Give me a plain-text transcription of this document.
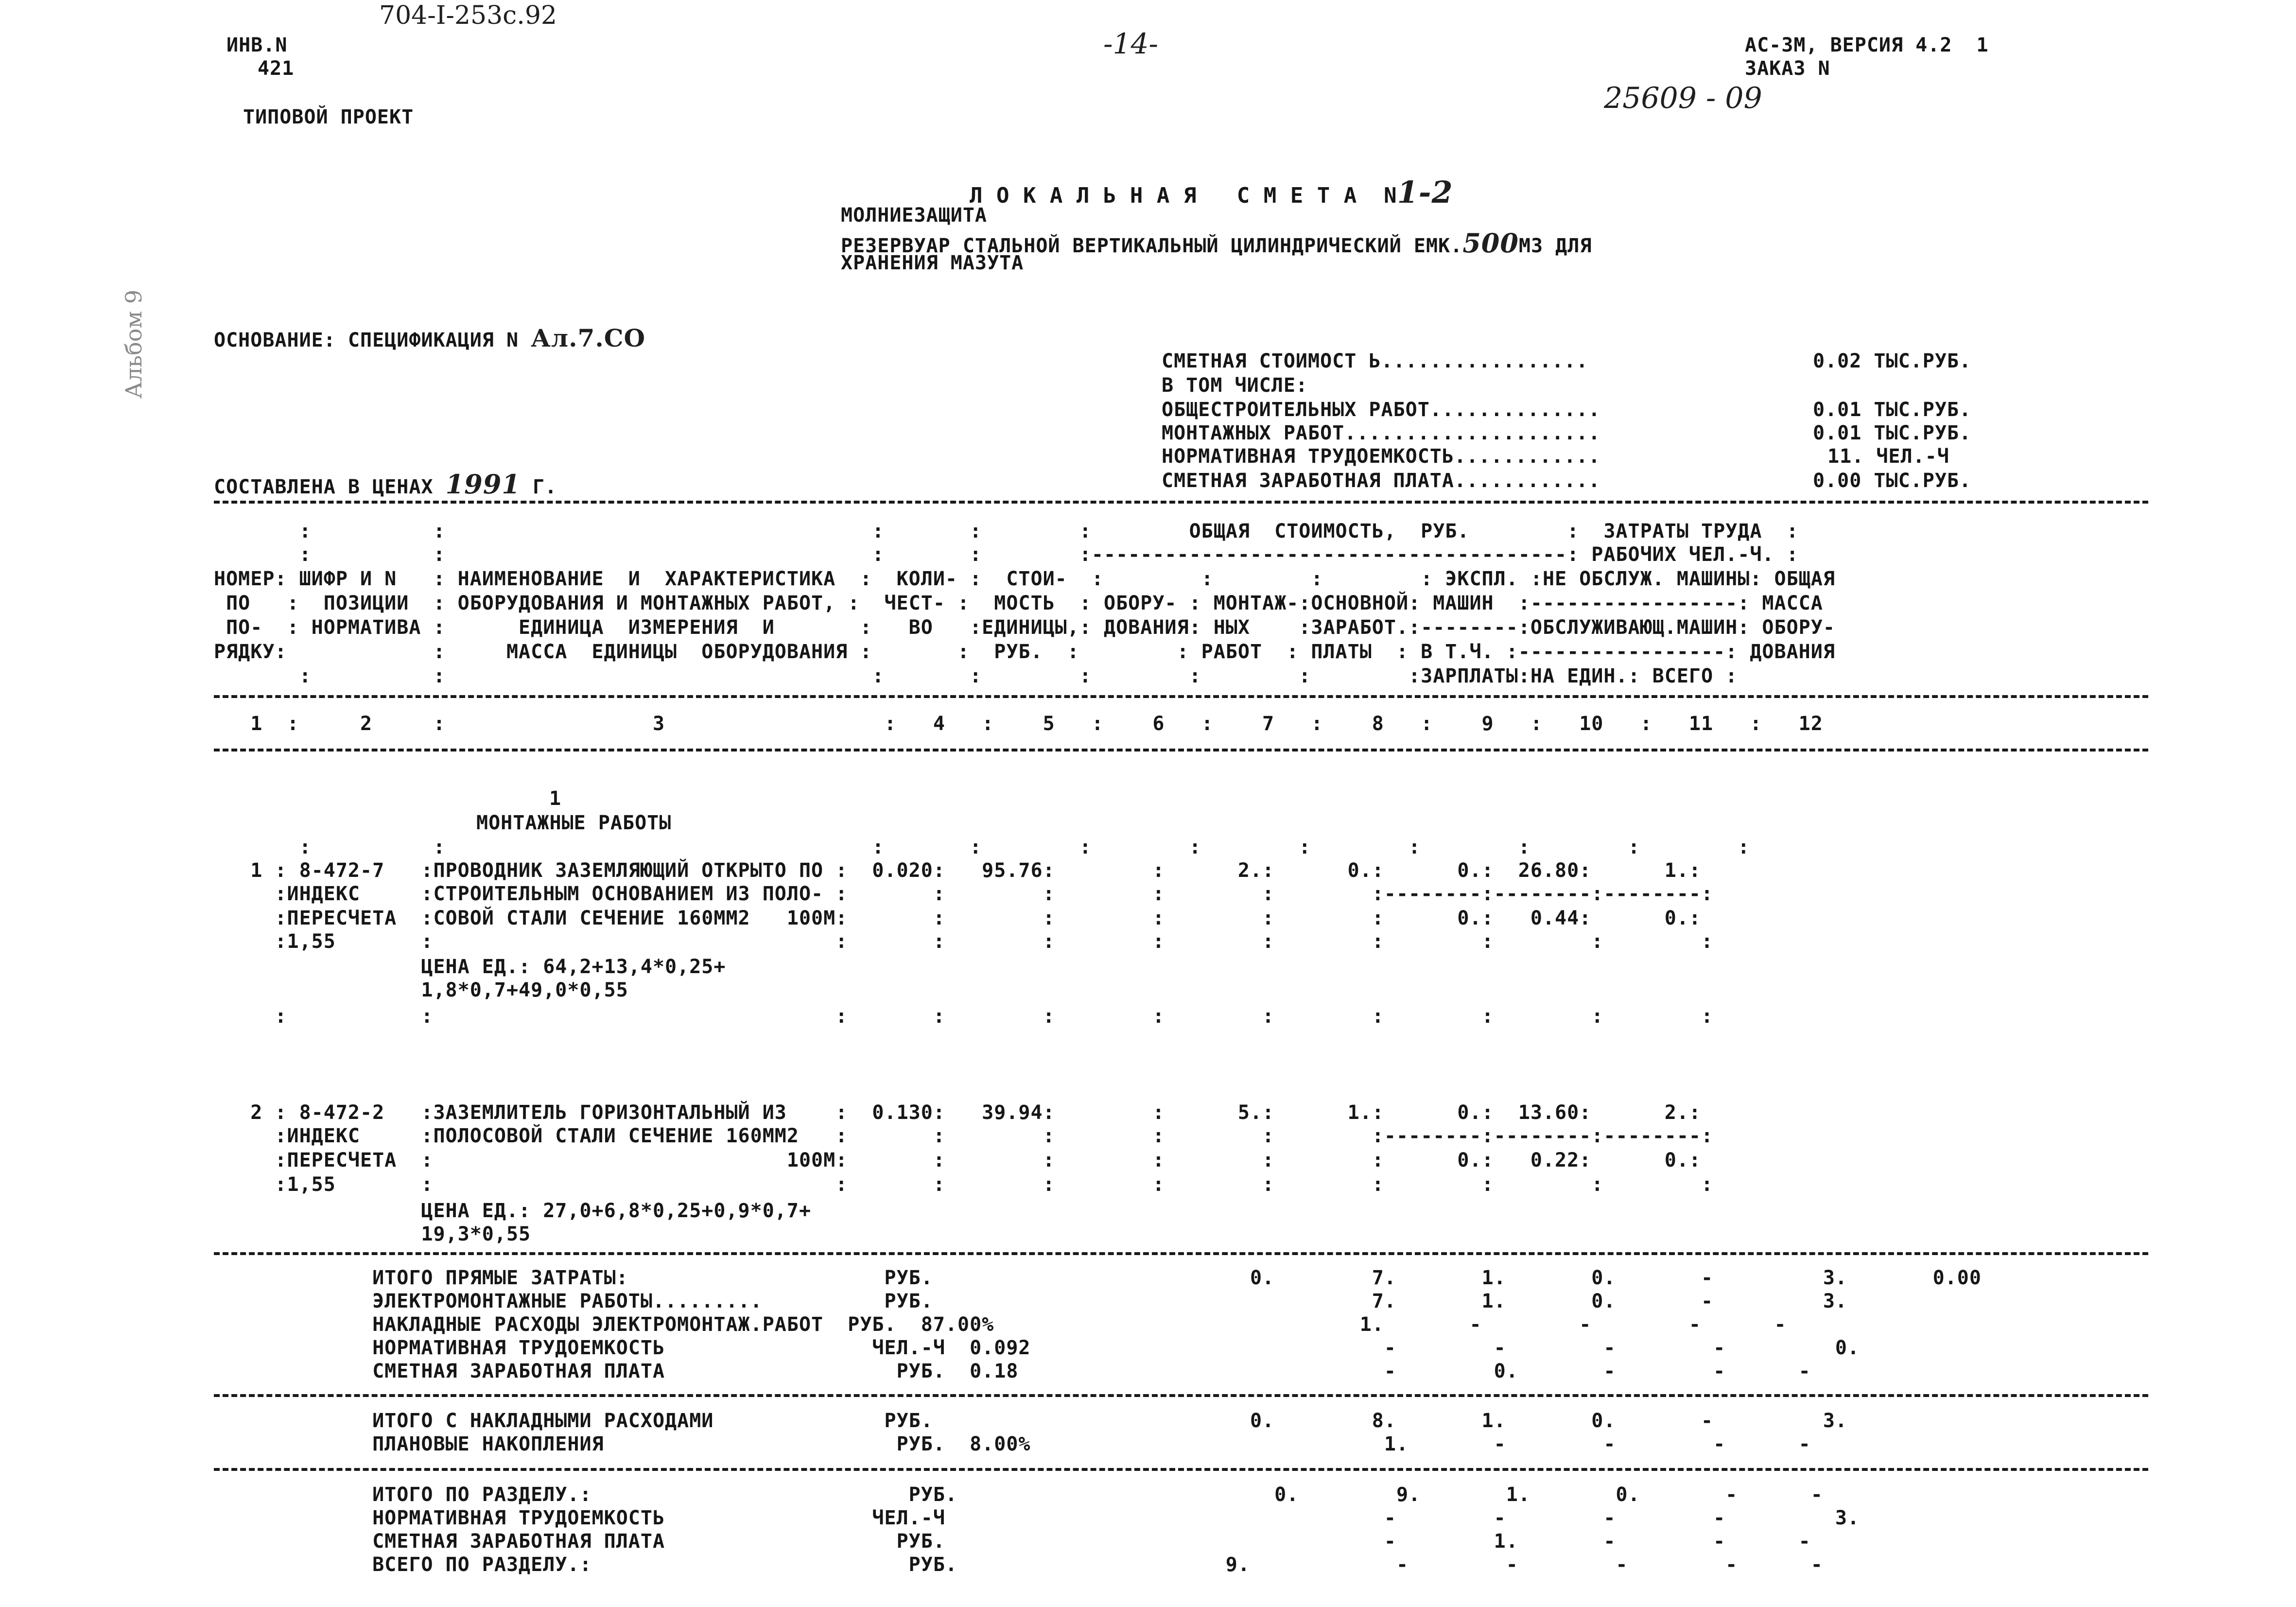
704-I-253c.92
ИНВ.N
421
ТИПОВОЙ ПРОЕКТ
-14-	АС-3М, ВЕРСИЯ 4.2  1
ЗАКАЗ N
25609 - 09
Альбом 9

Л О К А Л Ь Н А Я   С М Е Т А  N1-2

МОЛНИЕЗАЩИТА
РЕЗЕРВУАР СТАЛЬНОЙ ВЕРТИКАЛЬНЫЙ ЦИЛИНДРИЧЕСКИЙ ЕМК.500М3 ДЛЯ
ХРАНЕНИЯ МАЗУТА
ОСНОВАНИЕ: СПЕЦИФИКАЦИЯ N Ал.7.СО
СОСТАВЛЕНА В ЦЕНАХ 1991 Г.
СМЕТНАЯ СТОИМОСТ Ь.................	0.02 ТЫС.РУБ.
В ТОМ ЧИСЛЕ:
ОБЩЕСТРОИТЕЛЬНЫХ РАБОТ..............	0.01 ТЫС.РУБ.
МОНТАЖНЫХ РАБОТ.....................	0.01 ТЫС.РУБ.
НОРМАТИВНАЯ ТРУДОЕМКОСТЬ............	11. ЧЕЛ.-Ч
СМЕТНАЯ ЗАРАБОТНАЯ ПЛАТА............	0.00 ТЫС.РУБ.
:          :                                   :       :        :        ОБЩАЯ  СТОИМОСТЬ,  РУБ.        :  ЗАТРАТЫ ТРУДА  :
:          :                                   :       :        :---------------------------------------: РАБОЧИХ ЧЕЛ.-Ч. :
НОМЕР: ШИФР И N   : НАИМЕНОВАНИЕ  И  ХАРАКТЕРИСТИКА  :  КОЛИ- :  СТОИ-  :        :        :        : ЭКСПЛ. :НЕ ОБСЛУЖ. МАШИНЫ: ОБЩАЯ
ПО   :  ПОЗИЦИИ  : ОБОРУДОВАНИЯ И МОНТАЖНЫХ РАБОТ, :  ЧЕСТ- :  МОСТЬ  : ОБОРУ- : МОНТАЖ-:ОСНОВНОЙ: МАШИН  :-----------------: МАССА
ПО-  : НОРМАТИВА :      ЕДИНИЦА  ИЗМЕРЕНИЯ  И       :   ВО   :ЕДИНИЦЫ,: ДОВАНИЯ: НЫХ    :ЗАРАБОТ.:--------:ОБСЛУЖИВАЮЩ.МАШИН: ОБОРУ-
РЯДКУ:            :     МАССА  ЕДИНИЦЫ  ОБОРУДОВАНИЯ :       :  РУБ.  :        : РАБОТ  : ПЛАТЫ  : В Т.Ч. :-----------------: ДОВАНИЯ
:          :                                   :       :        :        :        :        :ЗАРПЛАТЫ:НА ЕДИН.: ВСЕГО :
1  :     2     :                 3                  :   4   :    5   :    6   :    7   :    8   :    9   :   10   :   11   :   12
1
МОНТАЖНЫЕ РАБОТЫ
:          :                                   :       :        :        :        :        :        :        :        :
1 : 8-472-7   :ПРОВОДНИК ЗАЗЕМЛЯЮЩИЙ ОТКРЫТО ПО :  0.020:   95.76:        :      2.:      0.:      0.:  26.80:      1.:
:ИНДЕКС     :СТРОИТЕЛЬНЫМ ОСНОВАНИЕМ ИЗ ПОЛО- :       :        :        :        :        :--------:--------:--------:
:ПЕРЕСЧЕТА  :СОВОЙ СТАЛИ СЕЧЕНИЕ 160ММ2   100М:       :        :        :        :        :      0.:   0.44:      0.:
:1,55       :                                 :       :        :        :        :        :        :        :        :
ЦЕНА ЕД.: 64,2+13,4*0,25+
1,8*0,7+49,0*0,55
:           :                                 :       :        :        :        :        :        :        :        :
2 : 8-472-2   :ЗАЗЕМЛИТЕЛЬ ГОРИЗОНТАЛЬНЫЙ ИЗ    :  0.130:   39.94:        :      5.:      1.:      0.:  13.60:      2.:
:ИНДЕКС     :ПОЛОСОВОЙ СТАЛИ СЕЧЕНИЕ 160ММ2   :       :        :        :        :        :--------:--------:--------:
:ПЕРЕСЧЕТА  :                             100М:       :        :        :        :        :      0.:   0.22:      0.:
:1,55       :                                 :       :        :        :        :        :        :        :        :
ЦЕНА ЕД.: 27,0+6,8*0,25+0,9*0,7+
19,3*0,55
ИТОГО ПРЯМЫЕ ЗАТРАТЫ:                     РУБ.                          0.        7.       1.       0.       -         3.       0.00
ЭЛЕКТРОМОНТАЖНЫЕ РАБОТЫ.........          РУБ.                                    7.       1.       0.       -         3.
НАКЛАДНЫЕ РАСХОДЫ ЭЛЕКТРОМОНТАЖ.РАБОТ  РУБ.  87.00%                              1.       -        -        -      -
НОРМАТИВНАЯ ТРУДОЕМКОСТЬ                 ЧЕЛ.-Ч  0.092                             -        -        -        -         0.
СМЕТНАЯ ЗАРАБОТНАЯ ПЛАТА                   РУБ.  0.18                              -        0.       -        -      -
ИТОГО С НАКЛАДНЫМИ РАСХОДАМИ              РУБ.                          0.        8.       1.       0.       -         3.
ПЛАНОВЫЕ НАКОПЛЕНИЯ                        РУБ.  8.00%                             1.       -        -        -      -
ИТОГО ПО РАЗДЕЛУ.:                          РУБ.                          0.        9.       1.       0.       -      -
НОРМАТИВНАЯ ТРУДОЕМКОСТЬ                 ЧЕЛ.-Ч                                    -        -        -        -         3.
СМЕТНАЯ ЗАРАБОТНАЯ ПЛАТА                   РУБ.                                    -        1.       -        -      -
ВСЕГО ПО РАЗДЕЛУ.:                          РУБ.                      9.            -        -        -        -      -
